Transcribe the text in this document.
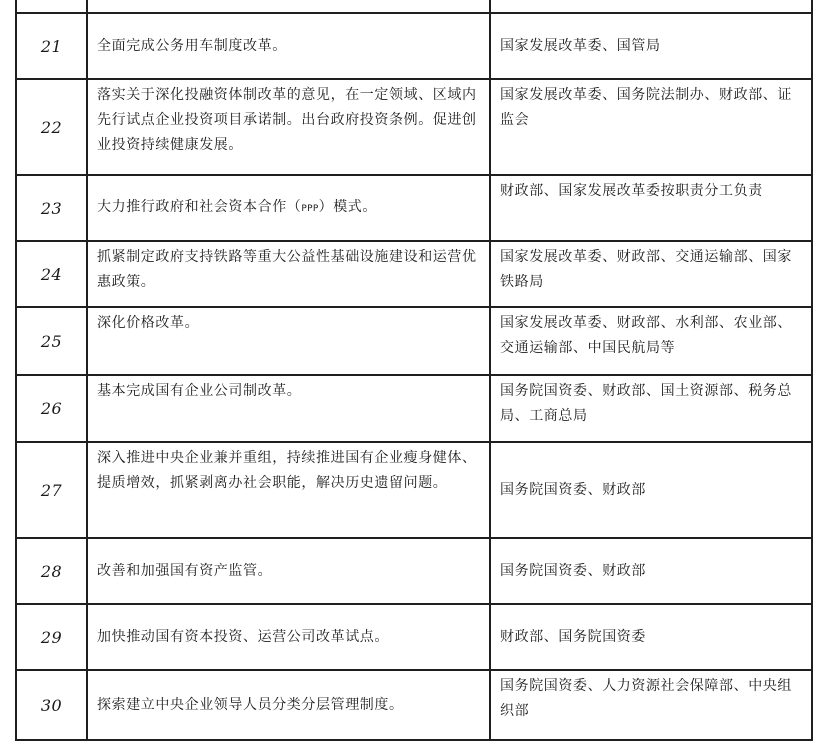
21	全面完成公务用车制度改革。	国家发展改革委、国管局
22	落实关于深化投融资体制改革的意见，在一定领域、区域内先行试点企业投资项目承诺制。出台政府投资条例。促进创业投资持续健康发展。	国家发展改革委、国务院法制办、财政部、证监会
23	大力推行政府和社会资本合作（PPP）模式。	财政部、国家发展改革委按职责分工负责
24	抓紧制定政府支持铁路等重大公益性基础设施建设和运营优惠政策。	国家发展改革委、财政部、交通运输部、国家铁路局
25	深化价格改革。	国家发展改革委、财政部、水利部、农业部、交通运输部、中国民航局等
26	基本完成国有企业公司制改革。	国务院国资委、财政部、国土资源部、税务总局、工商总局
27	深入推进中央企业兼并重组，持续推进国有企业瘦身健体、提质增效，抓紧剥离办社会职能，解决历史遗留问题。	国务院国资委、财政部
28	改善和加强国有资产监管。	国务院国资委、财政部
29	加快推动国有资本投资、运营公司改革试点。	财政部、国务院国资委
30	探索建立中央企业领导人员分类分层管理制度。	国务院国资委、人力资源社会保障部、中央组织部
